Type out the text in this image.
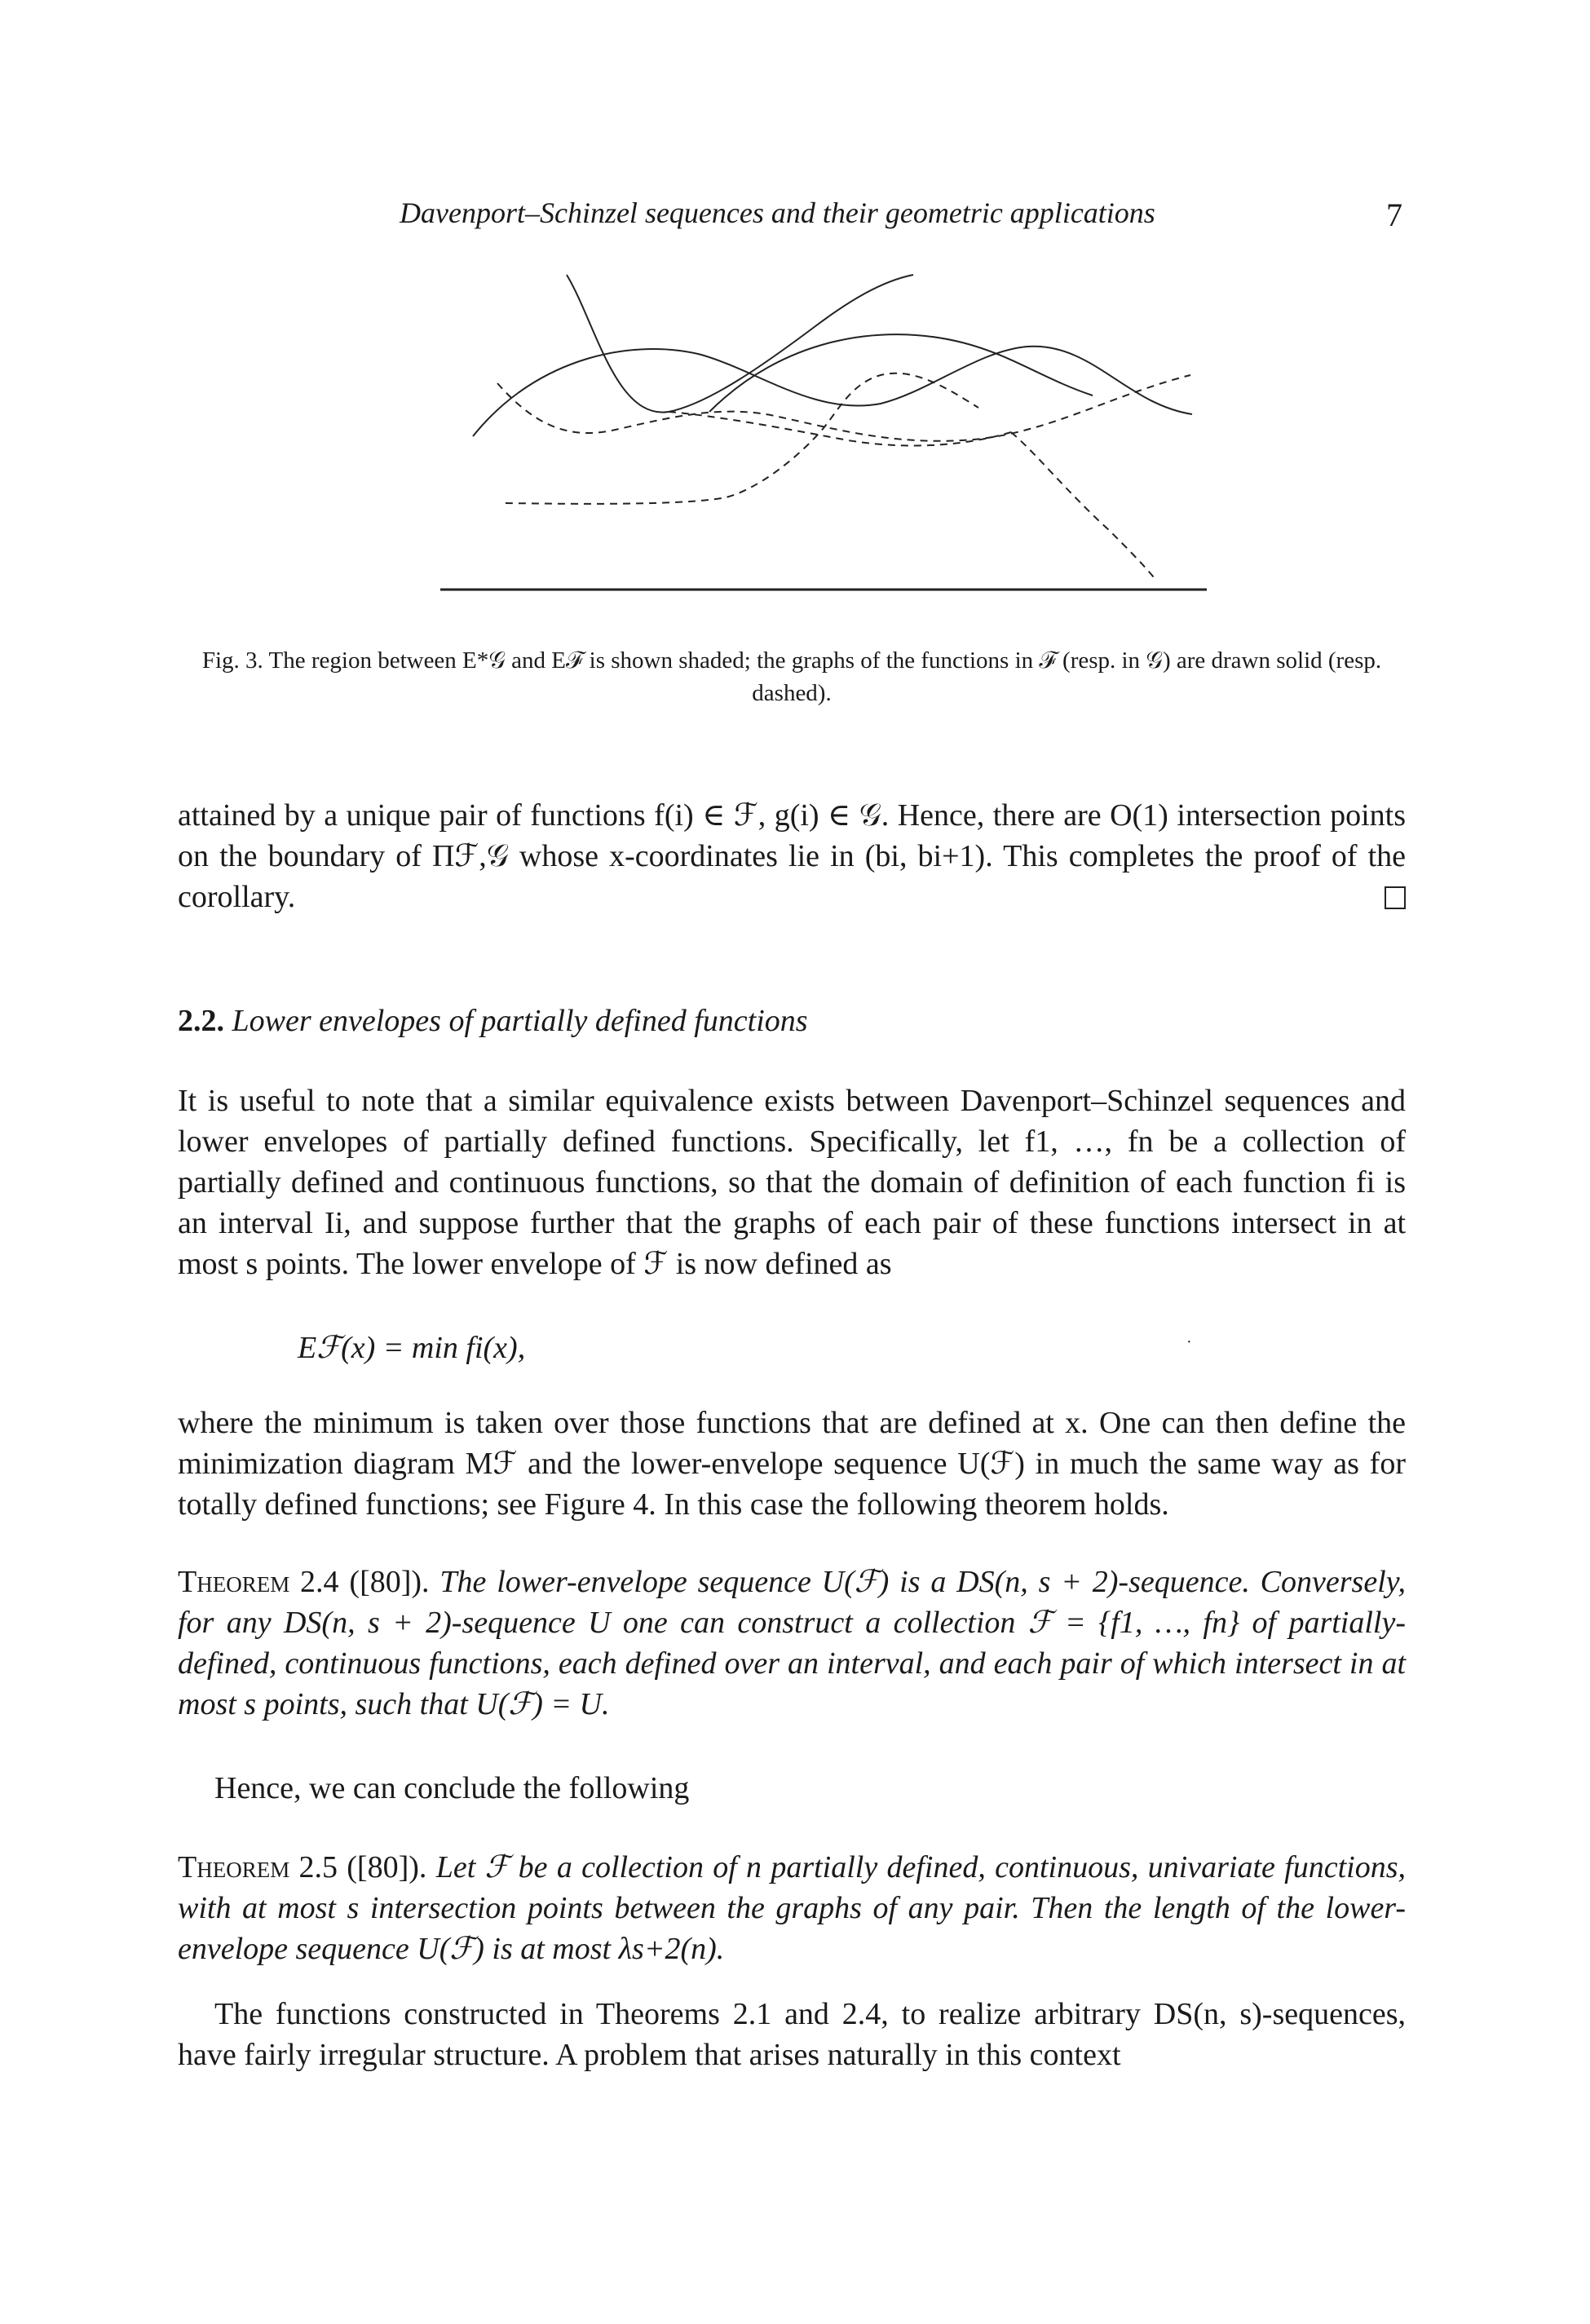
Davenport–Schinzel sequences and their geometric applications	7
Fig. 3. The region between E*𝒢 and Eℱ is shown shaded; the graphs of the functions in ℱ (resp. in 𝒢) are drawn solid (resp. dashed).
attained by a unique pair of functions f(i) ∈ ℱ, g(i) ∈ 𝒢. Hence, there are O(1) intersection points on the boundary of Πℱ,𝒢 whose x-coordinates lie in (bi, bi+1). This completes the proof of the corollary.
2.2. Lower envelopes of partially defined functions
It is useful to note that a similar equivalence exists between Davenport–Schinzel sequences and lower envelopes of partially defined functions. Specifically, let f1, …, fn be a collection of partially defined and continuous functions, so that the domain of definition of each function fi is an interval Ii, and suppose further that the graphs of each pair of these functions intersect in at most s points. The lower envelope of ℱ is now defined as
Eℱ(x) = min fi(x),	·
where the minimum is taken over those functions that are defined at x. One can then define the minimization diagram Mℱ and the lower-envelope sequence U(ℱ) in much the same way as for totally defined functions; see Figure 4. In this case the following theorem holds.
Theorem 2.4 ([80]). The lower-envelope sequence U(ℱ) is a DS(n, s + 2)-sequence. Conversely, for any DS(n, s + 2)-sequence U one can construct a collection ℱ = {f1, …, fn} of partially-defined, continuous functions, each defined over an interval, and each pair of which intersect in at most s points, such that U(ℱ) = U.
Hence, we can conclude the following
Theorem 2.5 ([80]). Let ℱ be a collection of n partially defined, continuous, univariate functions, with at most s intersection points between the graphs of any pair. Then the length of the lower-envelope sequence U(ℱ) is at most λs+2(n).
The functions constructed in Theorems 2.1 and 2.4, to realize arbitrary DS(n, s)-sequences, have fairly irregular structure. A problem that arises naturally in this context
